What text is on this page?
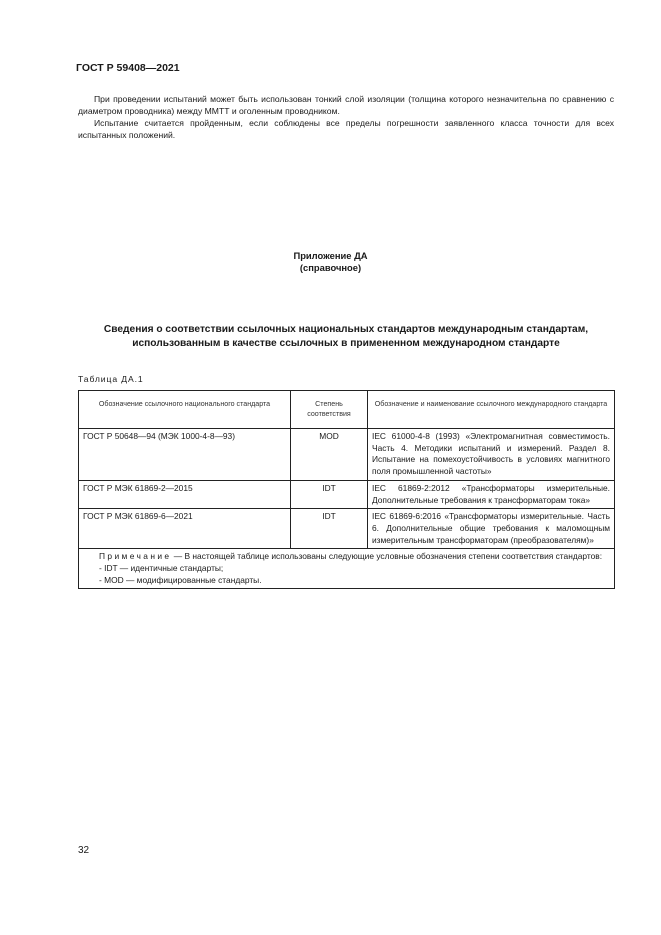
ГОСТ Р 59408—2021

При проведении испытаний может быть использован тонкий слой изоляции (толщина которого незначительна по сравнению с диаметром проводника) между ММТТ и оголенным проводником.

Испытание считается пройденным, если соблюдены все пределы погрешности заявленного класса точности для всех испытанных положений.

Приложение ДА
(справочное)
Сведения о соответствии ссылочных национальных стандартов международным стандартам, использованным в качестве ссылочных в примененном международном стандарте
Таблица ДА.1
Обозначение ссылочного национального стандарта	Степень соответствия	Обозначение и наименование ссылочного международного стандарта
ГОСТ Р 50648—94 (МЭК 1000-4-8—93)	MOD	IEC 61000-4-8 (1993) «Электромагнитная совместимость. Часть 4. Методики испытаний и измерений. Раздел 8. Испытание на помехоустойчивость в условиях магнитного поля промышленной частоты»
ГОСТ Р МЭК 61869-2—2015	IDT	IEC 61869-2:2012 «Трансформаторы измерительные. Дополнительные требования к трансформаторам тока»
ГОСТ Р МЭК 61869-6—2021	IDT	IEC 61869-6:2016 «Трансформаторы измерительные. Часть 6. Дополнительные общие требования к маломощным измерительным трансформаторам (преобразователям)»
Примечание — В настоящей таблице использованы следующие условные обозначения степени соответствия стандартов:
- IDT — идентичные стандарты;
- MOD — модифицированные стандарты.		
32
